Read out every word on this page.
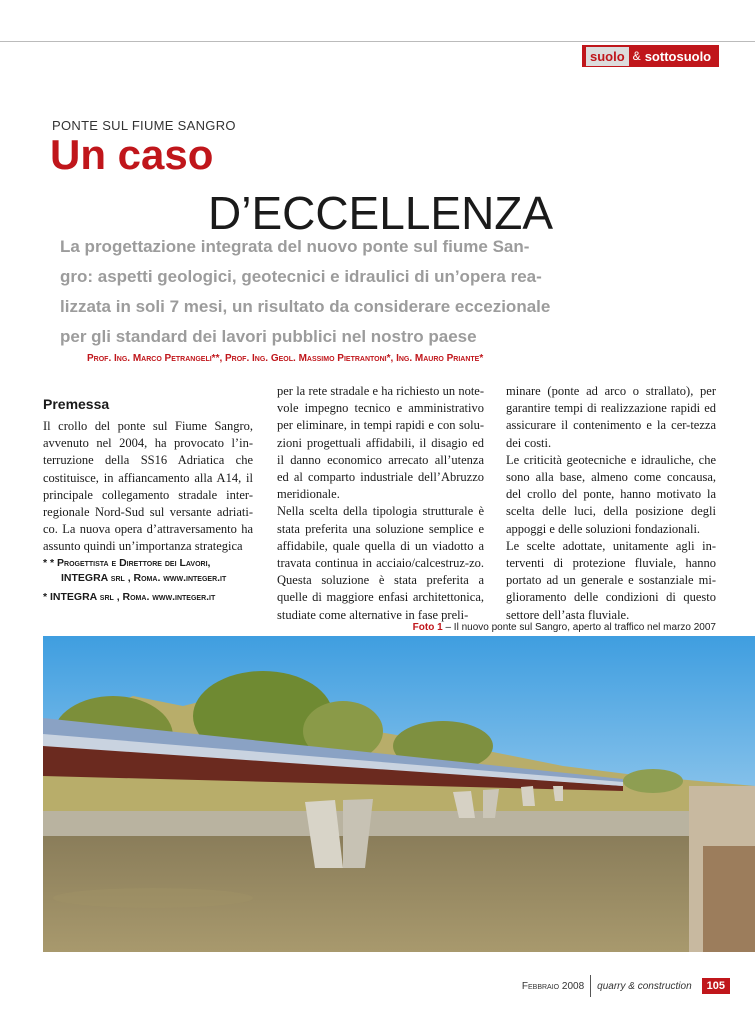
suolo & sottosuolo
PONTE SUL FIUME SANGRO
Un caso
D’ECCELLENZA
La progettazione integrata del nuovo ponte sul fiume San-gro: aspetti geologici, geotecnici e idraulici di un’opera rea-lizzata in soli 7 mesi, un risultato da considerare eccezionale per gli standard dei lavori pubblici nel nostro paese
Prof. Ing. Marco Petrangeli**, Prof. Ing. Geol. Massimo Pietrantoni*, Ing. Mauro Priante*
Premessa
Il crollo del ponte sul Fiume Sangro, avvenuto nel 2004, ha provocato l’in-terruzione della SS16 Adriatica che costituisce, in affiancamento alla A14, il principale collegamento stradale inter-regionale Nord-Sud sul versante adriati-co. La nuova opera d’attraversamento ha assunto quindi un’importanza strategica
* * Progettista e Direttore dei Lavori,
INTEGRA srl , Roma. www.integer.it
* INTEGRA srl , Roma. www.integer.it
per la rete stradale e ha richiesto un note-vole impegno tecnico e amministrativo per eliminare, in tempi rapidi e con solu-zioni progettuali affidabili, il disagio ed il danno economico arrecato all’utenza ed al comparto industriale dell’Abruzzo meridionale.
Nella scelta della tipologia strutturale è stata preferita una soluzione semplice e affidabile, quale quella di un viadotto a travata continua in acciaio/calcestruz-zo. Questa soluzione è stata preferita a quelle di maggiore enfasi architettonica, studiate come alternative in fase preli-
minare (ponte ad arco o strallato), per garantire tempi di realizzazione rapidi ed assicurare il contenimento e la cer-tezza dei costi.
Le criticità geotecniche e idrauliche, che sono alla base, almeno come concausa, del crollo del ponte, hanno motivato la scelta delle luci, della posizione degli appoggi e delle soluzioni fondazionali.
Le scelte adottate, unitamente agli in-terventi di protezione fluviale, hanno portato ad un generale e sostanziale mi-glioramento delle condizioni di questo settore dell’asta fluviale.
Foto 1 – Il nuovo ponte sul Sangro, aperto al traffico nel marzo 2007
Febbraio 2008 quarry & construction	105
